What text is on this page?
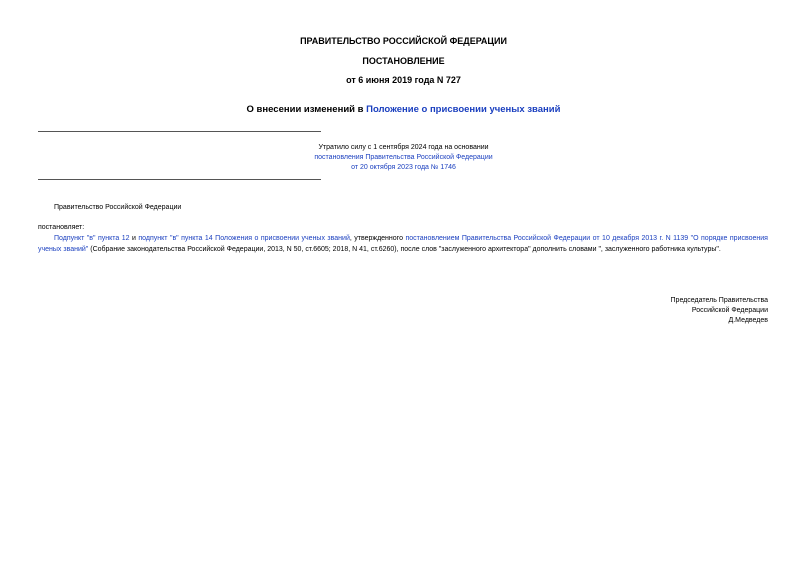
ПРАВИТЕЛЬСТВО РОССИЙСКОЙ ФЕДЕРАЦИИ
ПОСТАНОВЛЕНИЕ
от 6 июня 2019 года N 727
О внесении изменений в Положение о присвоении ученых званий
Утратило силу с 1 сентября 2024 года на основании
постановления Правительства Российской Федерации
от 20 октября 2023 года № 1746
Правительство Российской Федерации
постановляет:
Подпункт "в" пункта 12 и подпункт "в" пункта 14 Положения о присвоении ученых званий, утвержденного постановлением Правительства Российской Федерации от 10 декабря 2013 г. N 1139 "О порядке присвоения ученых званий" (Собрание законодательства Российской Федерации, 2013, N 50, ст.6605; 2018, N 41, ст.6260), после слов "заслуженного архитектора" дополнить словами ", заслуженного работника культуры".
Председатель Правительства
Российской Федерации
Д.Медведев
